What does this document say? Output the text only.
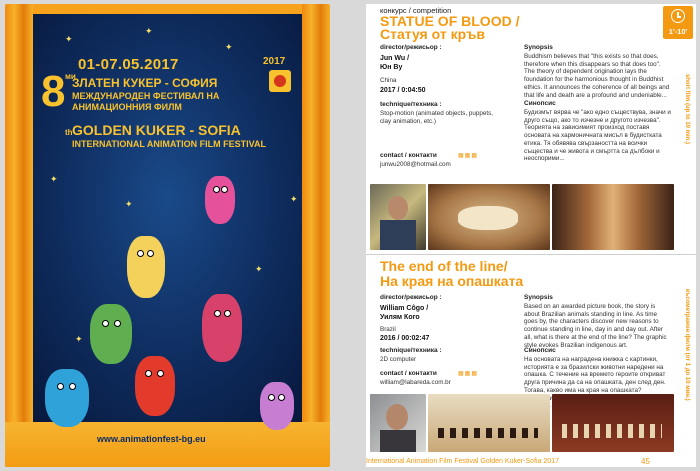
✦
✦
✦
✦
✦
✦
✦
✦
2017
01-07.05.2017
8 ми
th
ЗЛАТЕН КУКЕР - СОФИЯ
МЕЖДУНАРОДЕН ФЕСТИВАЛ НА АНИМАЦИОННИЯ ФИЛМ
GOLDEN KUKER - SOFIA
INTERNATIONAL ANIMATION FILM FESTIVAL
www.animationfest-bg.eu
конкурс / competition
STATUE OF BLOOD /
Статуя от кръв	1'-10'
director/режисьор :
Jun Wu /
Юн Ву
China
2017 / 0:04:50
technique/техника :
Stop-motion (animated objects, puppets, clay animation, etc.)
contact / контакти	▦▦▦
junwu2008@hotmail.com
Synopsis
Buddhism believes that "this exists so that does, therefore when this disappears so that does too". The theory of dependent origination lays the foundation for the harmonious thought in Buddhist ethics. It announces the coherence of all beings and that life and death are a profound and undeniable...
Синопсис
Будизмът вярва че "ако едно съществува, значи и друго също, ако то изчезне и другото изчезва". Теорията на зависимият произход поставя основата на хармоничната мисъл в будистката етика. Тя обявява свързаността на всички същества и че живота и смъртта са дълбоки и неоспорими...
short film (up to 10 min.)
The end of the line/
На края на опашката
director/режисьор :
William Côgo /
Уилям Кого
Brazil
2016 / 00:02:47
technique/техника :
2D computer
contact / контакти	▦▦▦
william@labareda.com.br
Synopsis
Based on an awarded picture book, the story is about Brazilian animals standing in line. As time goes by, the characters discover new reasons to continue standing in line, day in and day out. After all, what is there at the end of the line? The graphic style evokes Brazilian indigenous art.
Синопсис
На основата на наградена книжка с картинки, историята е за бразилски животни наредени на опашка. С течение на времето героите откриват друга причина да са на опашката, ден след ден. Тогава, какво има на края на опашката?	късометражен филм (от 1 до 10 мин.)
International Animation Film Festival Golden Kuker-Sofia 2017	45
